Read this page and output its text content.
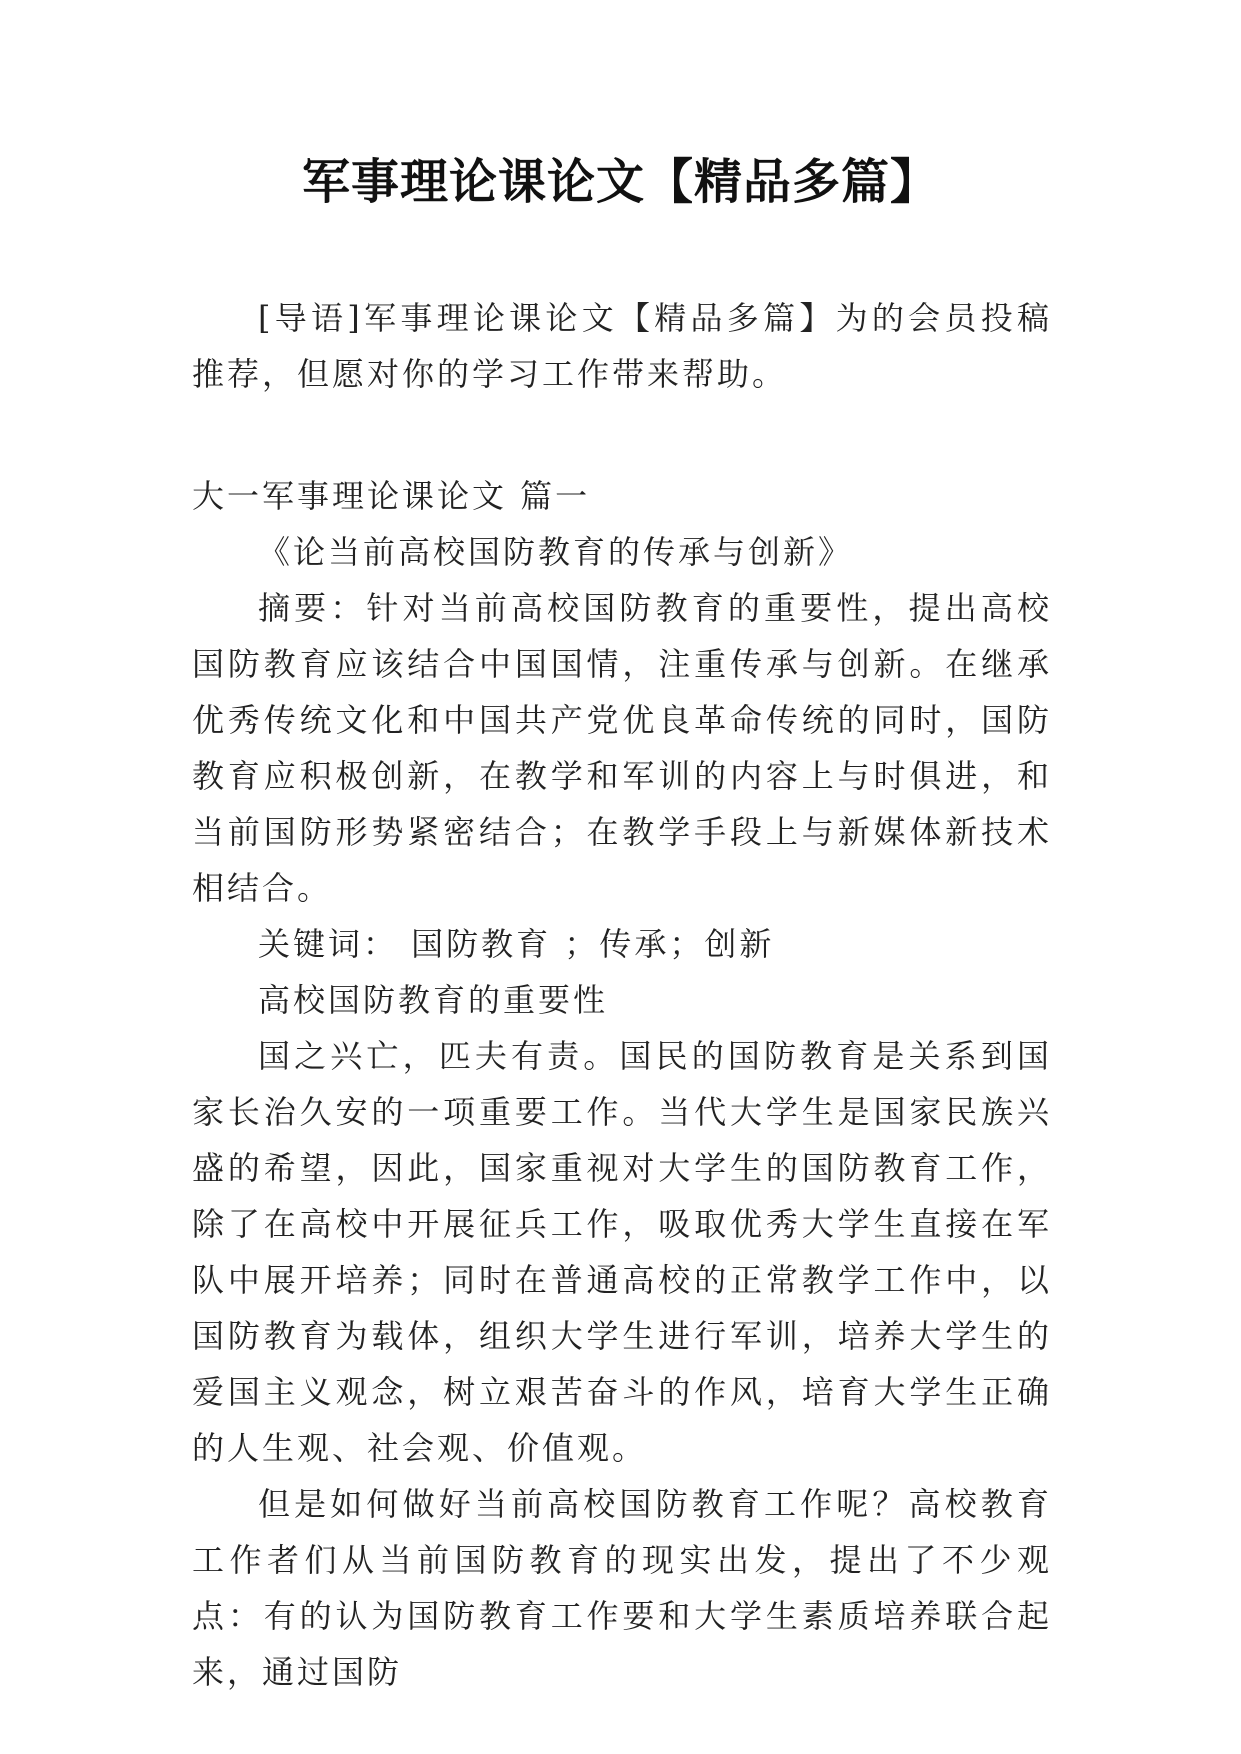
军事理论课论文【精品多篇】

[导语]军事理论课论文【精品多篇】为的会员投稿推荐，但愿对你的学习工作带来帮助。

大一军事理论课论文 篇一

《论当前高校国防教育的传承与创新》

摘要：针对当前高校国防教育的重要性，提出高校国防教育应该结合中国国情，注重传承与创新。在继承优秀传统文化和中国共产党优良革命传统的同时，国防教育应积极创新，在教学和军训的内容上与时俱进，和当前国防形势紧密结合；在教学手段上与新媒体新技术相结合。

关键词： 国防教育 ；传承；创新

高校国防教育的重要性

国之兴亡，匹夫有责。国民的国防教育是关系到国家长治久安的一项重要工作。当代大学生是国家民族兴盛的希望，因此，国家重视对大学生的国防教育工作，除了在高校中开展征兵工作，吸取优秀大学生直接在军队中展开培养；同时在普通高校的正常教学工作中，以国防教育为载体，组织大学生进行军训，培养大学生的爱国主义观念，树立艰苦奋斗的作风，培育大学生正确的人生观、社会观、价值观。

但是如何做好当前高校国防教育工作呢？高校教育工作者们从当前国防教育的现实出发，提出了不少观点：有的认为国防教育工作要和大学生素质培养联合起来，通过国防
